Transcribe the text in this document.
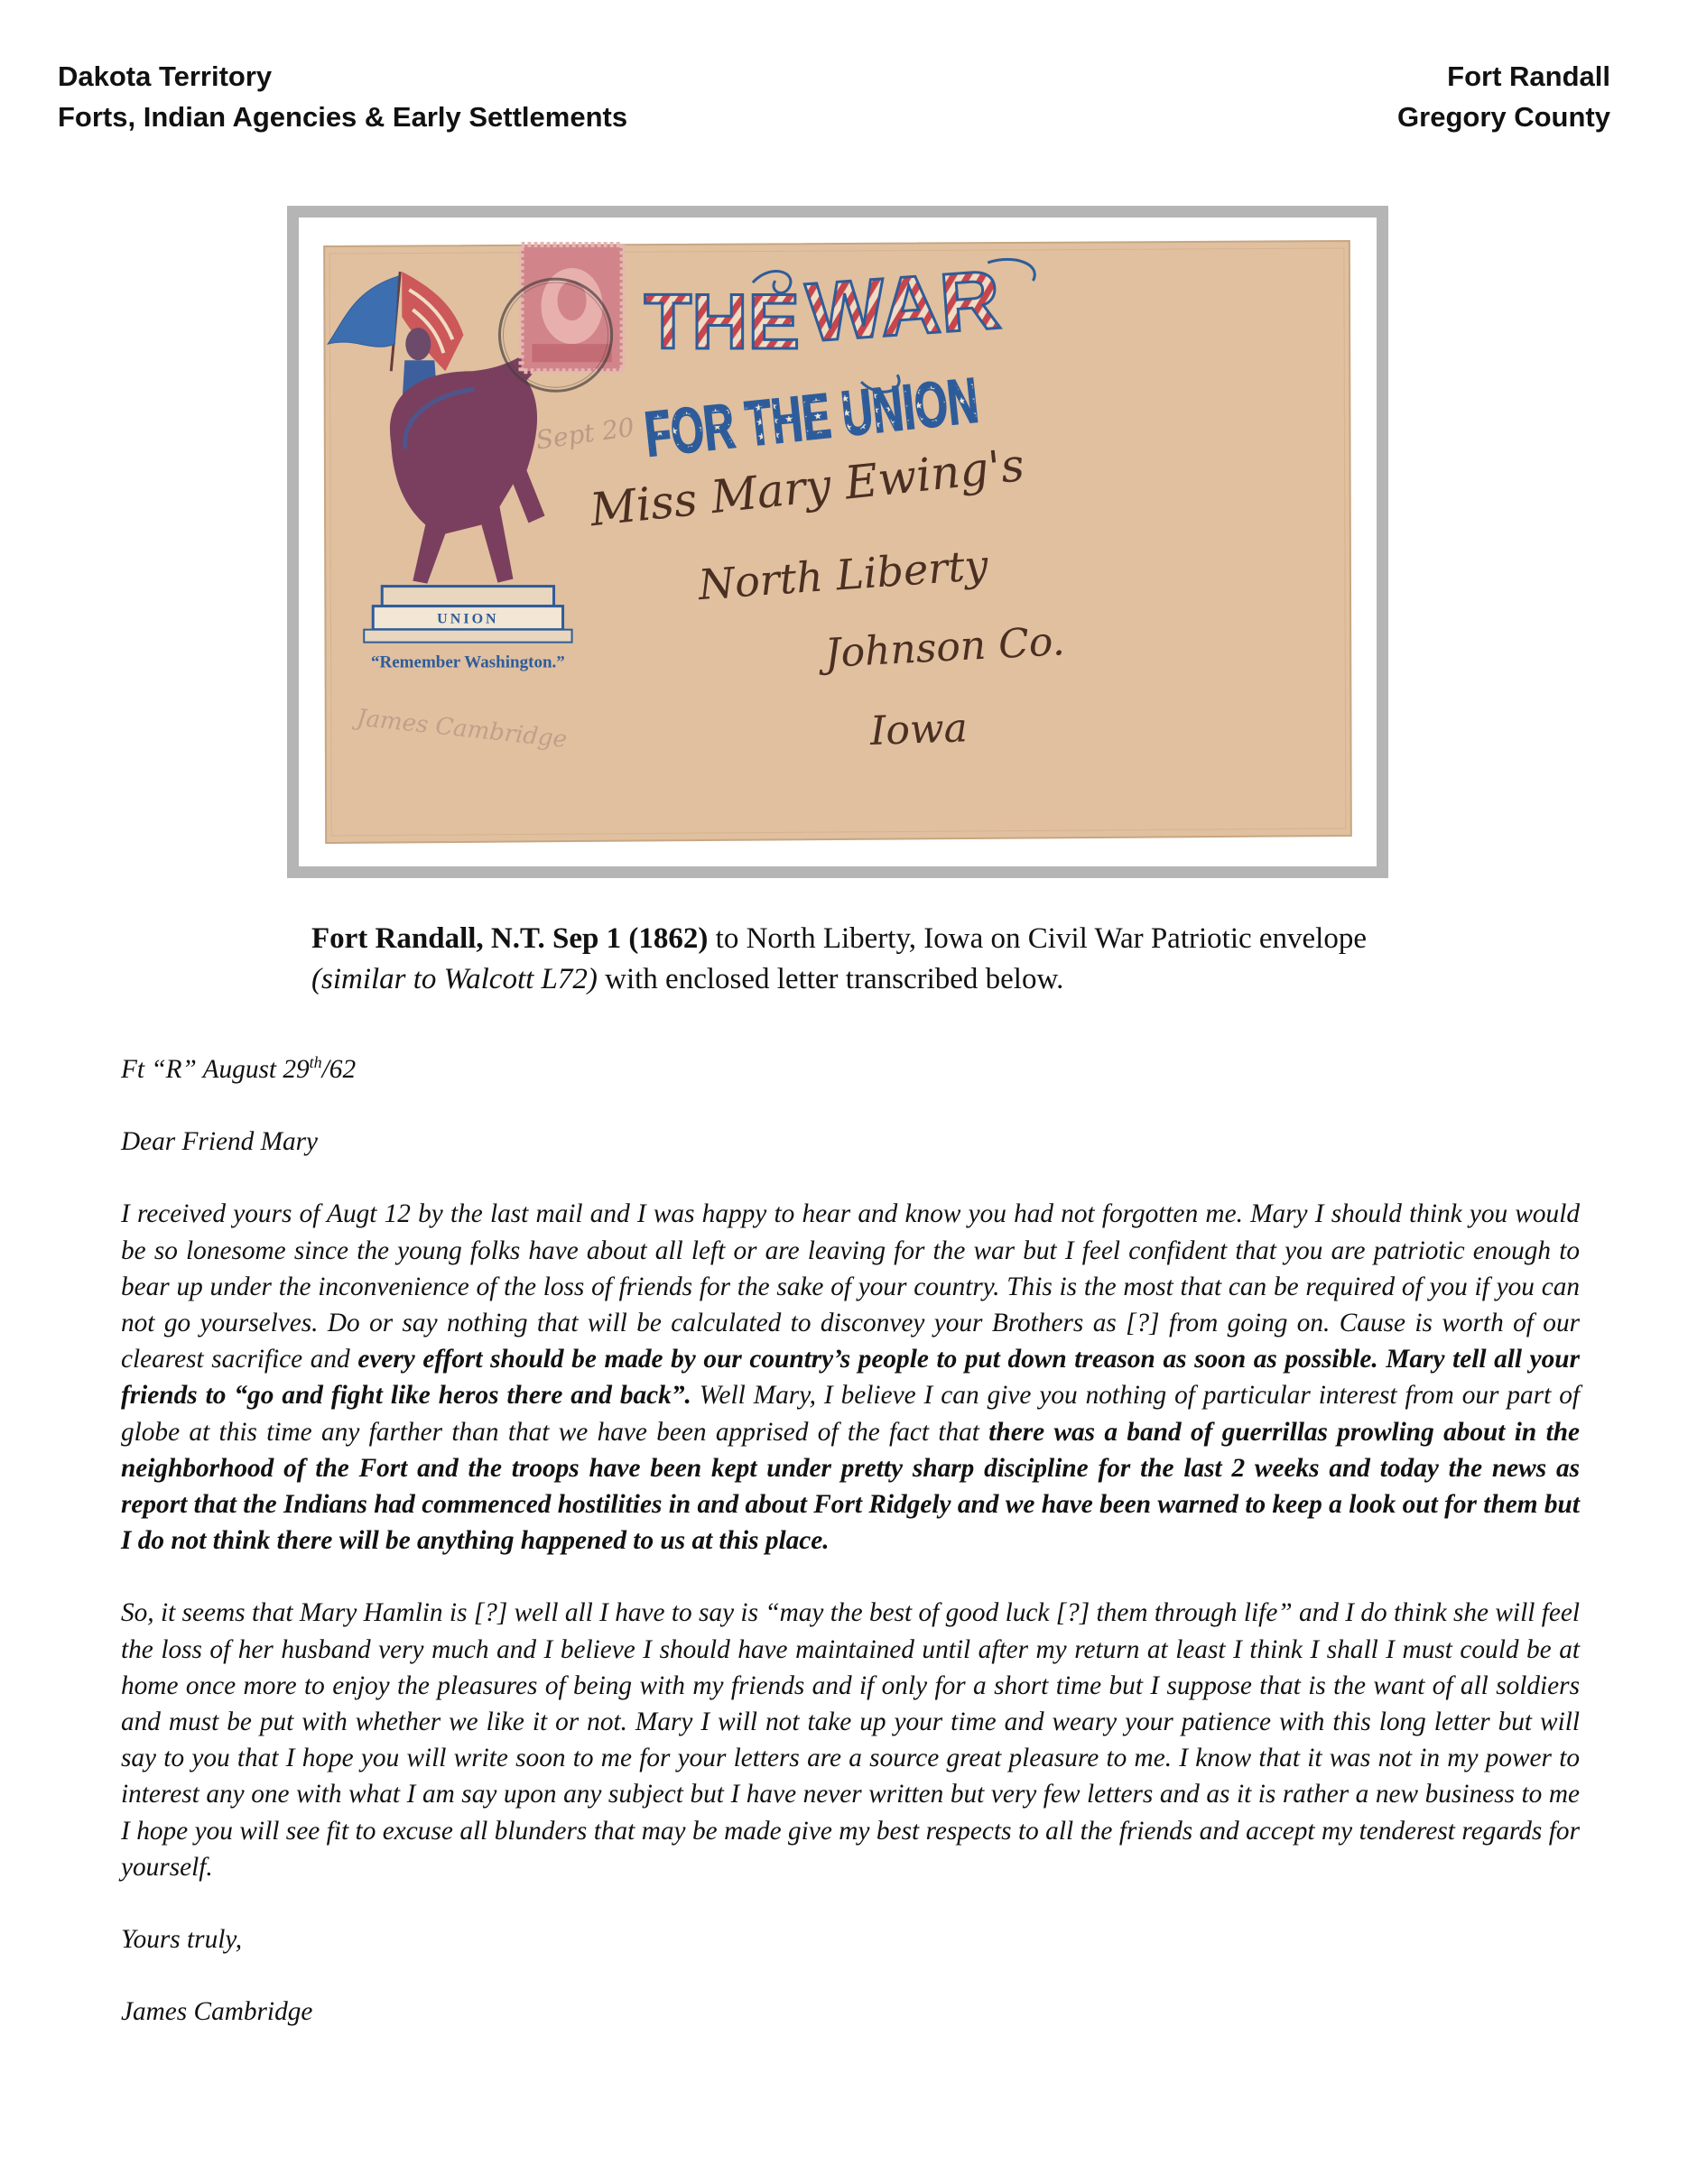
Dakota Territory
Forts, Indian Agencies & Early Settlements
Fort Randall
Gregory County
UNION
“Remember Washington.”
THE WAR
FOR THE UNION
Sept 20
James Cambridge
Miss Mary Ewing's
North Liberty
Johnson Co.
Iowa
Fort Randall, N.T. Sep 1 (1862) to North Liberty, Iowa on Civil War Patriotic envelope (similar to Walcott L72) with enclosed letter transcribed below.

Ft “R” August 29th/62

Dear Friend Mary

I received yours of Augt 12 by the last mail and I was happy to hear and know you had not forgotten me. Mary I should think you would be so lonesome since the young folks have about all left or are leaving for the war but I feel confident that you are patriotic enough to bear up under the inconvenience of the loss of friends for the sake of your country. This is the most that can be required of you if you can not go yourselves. Do or say nothing that will be calculated to disconvey your Brothers as [?] from going on. Cause is worth of our clearest sacrifice and every effort should be made by our country’s people to put down treason as soon as possible. Mary tell all your friends to “go and fight like heros there and back”. Well Mary, I believe I can give you nothing of particular interest from our part of globe at this time any farther than that we have been apprised of the fact that there was a band of guerrillas prowling about in the neighborhood of the Fort and the troops have been kept under pretty sharp discipline for the last 2 weeks and today the news as report that the Indians had commenced hostilities in and about Fort Ridgely and we have been warned to keep a look out for them but I do not think there will be anything happened to us at this place.

So, it seems that Mary Hamlin is [?] well all I have to say is “may the best of good luck [?] them through life” and I do think she will feel the loss of her husband very much and I believe I should have maintained until after my return at least I think I shall I must could be at home once more to enjoy the pleasures of being with my friends and if only for a short time but I suppose that is the want of all soldiers and must be put with whether we like it or not. Mary I will not take up your time and weary your patience with this long letter but will say to you that I hope you will write soon to me for your letters are a source great pleasure to me. I know that it was not in my power to interest any one with what I am say upon any subject but I have never written but very few letters and as it is rather a new business to me I hope you will see fit to excuse all blunders that may be made give my best respects to all the friends and accept my tenderest regards for yourself.

Yours truly,

James Cambridge
